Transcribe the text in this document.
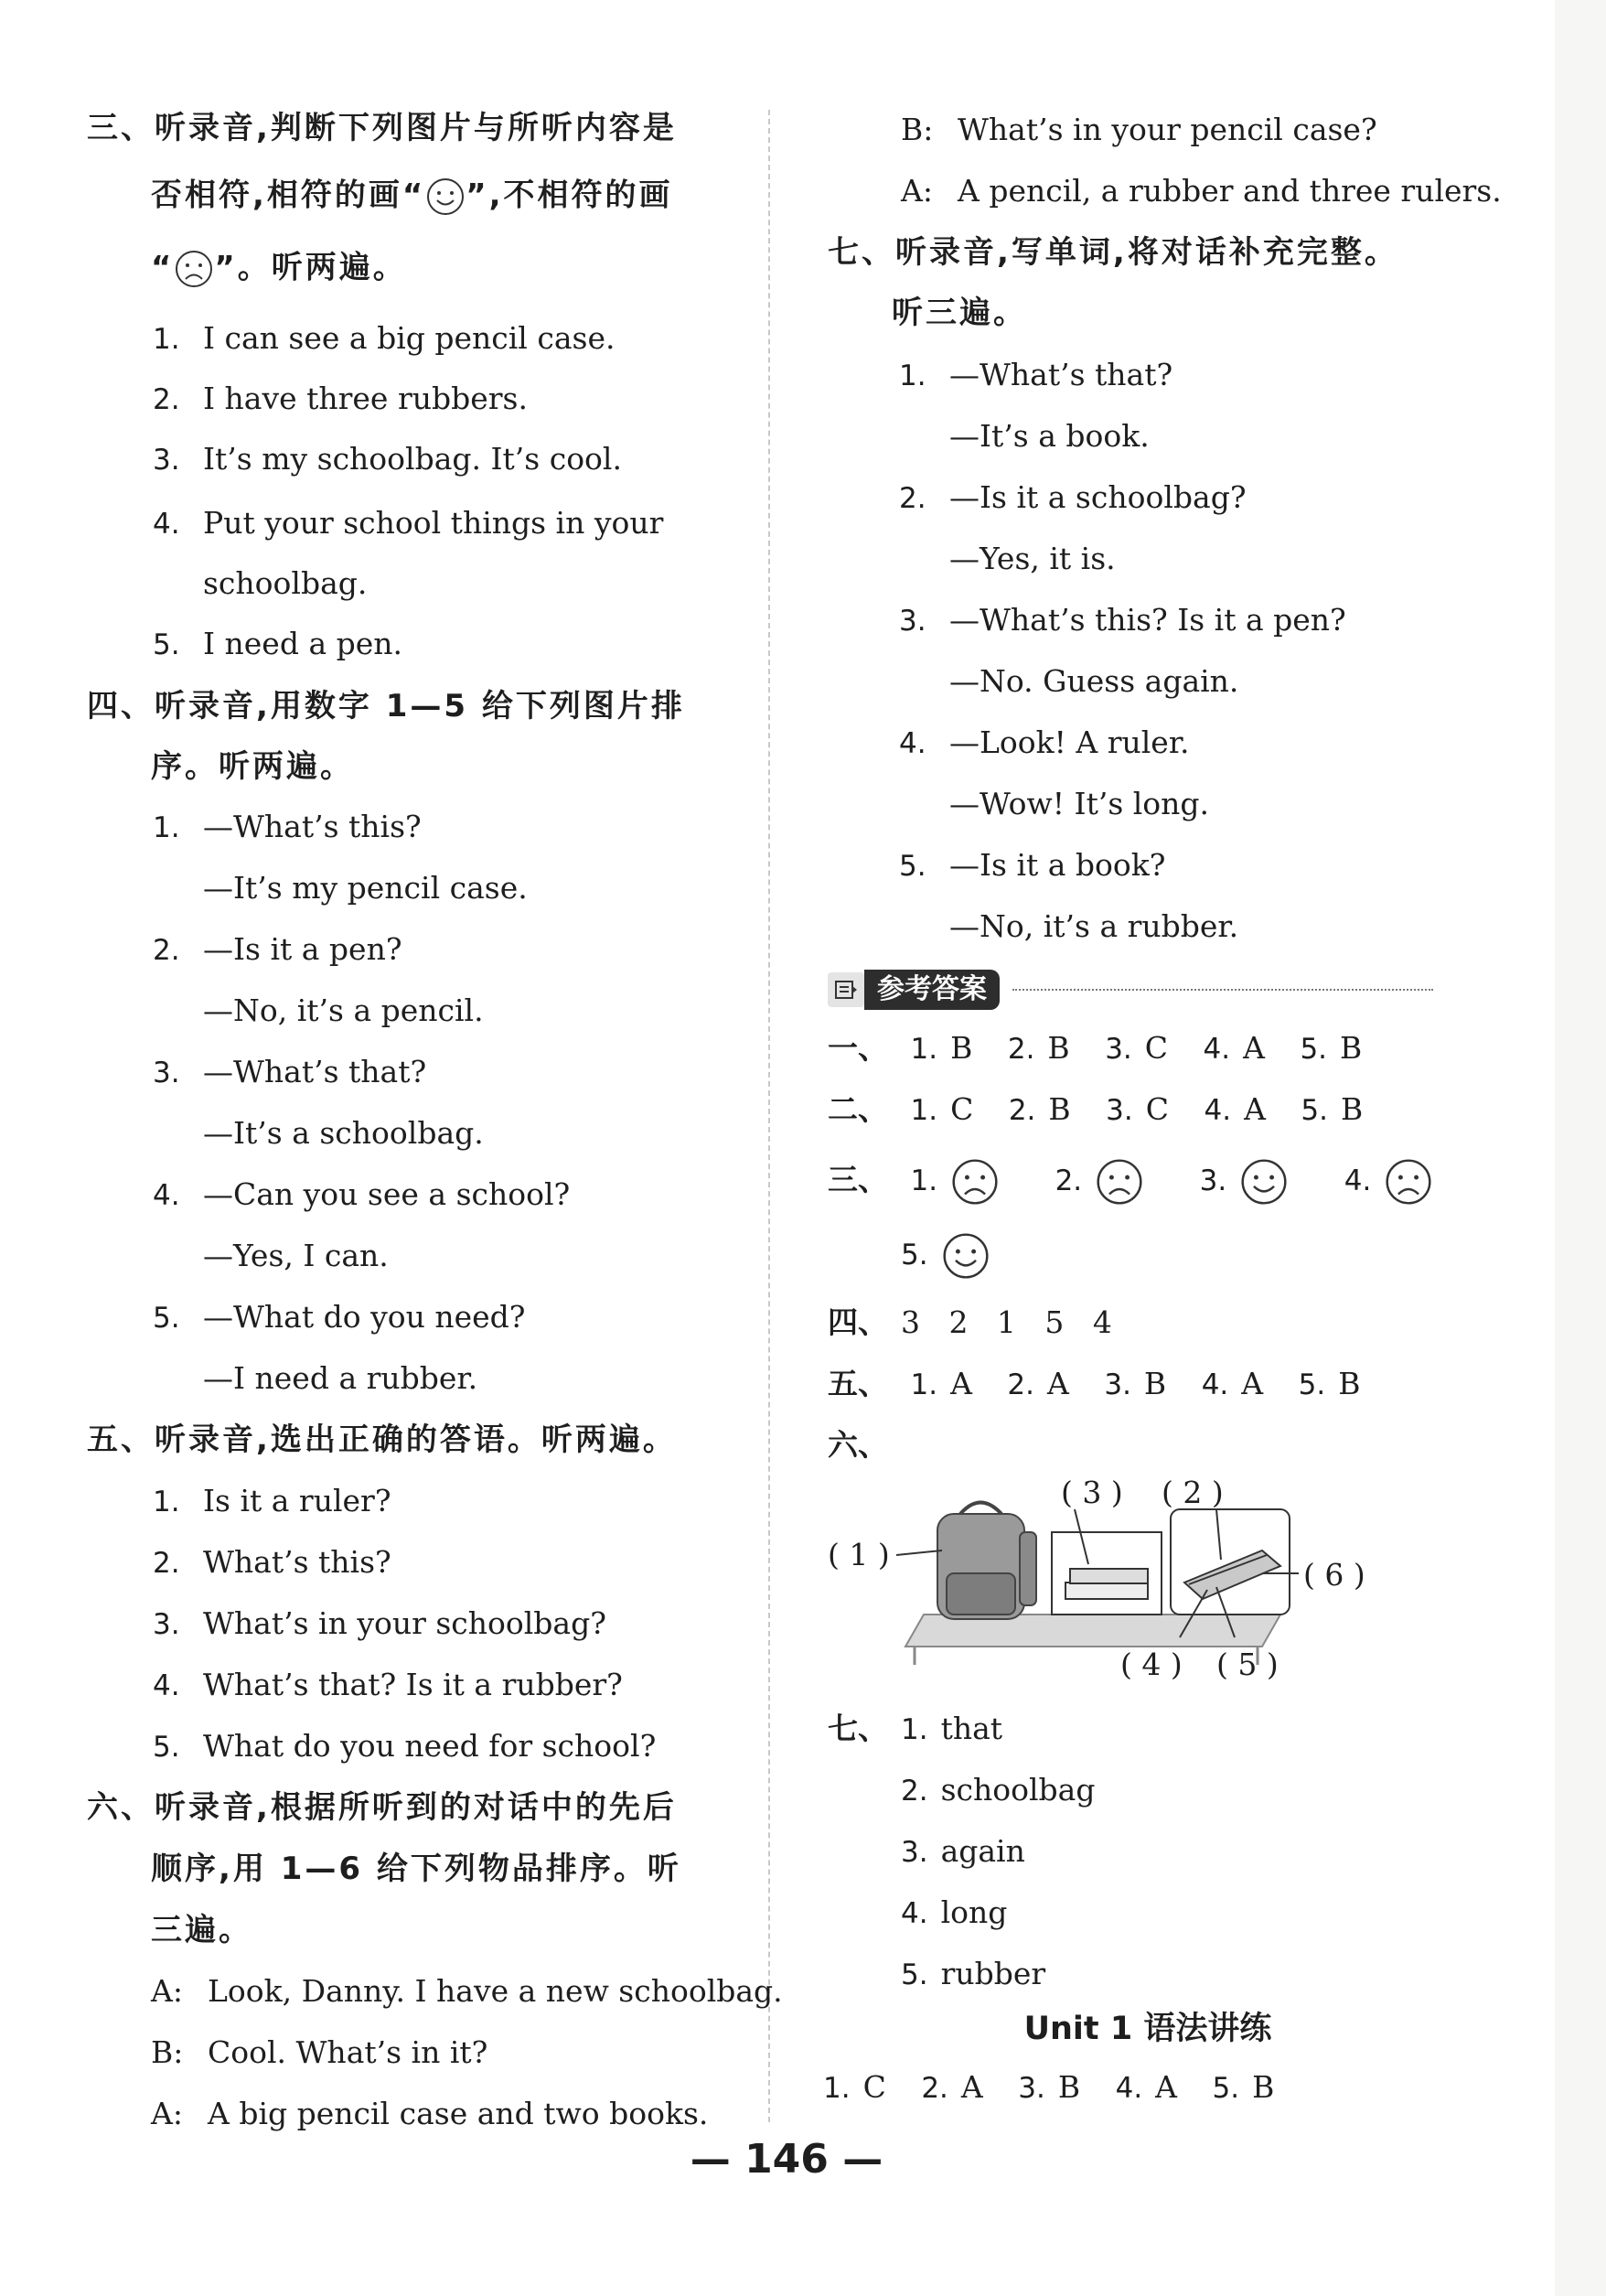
三、听录音,判断下列图片与所听内容是
否相符,相符的画“ ”,不相符的画
“ ”。听两遍。
1. I can see a big pencil case.
2. I have three rubbers.
3. It’s my schoolbag. It’s cool.
4. Put your school things in your
schoolbag.
5. I need a pen.
四、听录音,用数字 1—5 给下列图片排
序。听两遍。
1. —What’s this?
—It’s my pencil case.
2. —Is it a pen?
—No, it’s a pencil.
3. —What’s that?
—It’s a schoolbag.
4. —Can you see a school?
—Yes, I can.
5. —What do you need?
—I need a rubber.
五、听录音,选出正确的答语。听两遍。
1. Is it a ruler?
2. What’s this?
3. What’s in your schoolbag?
4. What’s that? Is it a rubber?
5. What do you need for school?
六、听录音,根据所听到的对话中的先后
顺序,用 1—6 给下列物品排序。听
三遍。
A: Look, Danny. I have a new schoolbag.
B: Cool. What’s in it?
A: A big pencil case and two books.
B: What’s in your pencil case?
A: A pencil, a rubber and three rulers.
七、听录音,写单词,将对话补充完整。
听三遍。
1. —What’s that?
—It’s a book.
2. —Is it a schoolbag?
—Yes, it is.
3. —What’s this? Is it a pen?
—No. Guess again.
4. —Look! A ruler.
—Wow! It’s long.
5. —Is it a book?
—No, it’s a rubber.
参考答案
一、 1. B 2. B 3. C 4. A 5. B
二、 1. C 2. B 3. C 4. A 5. B
三、 1.	2.	3.	4.
5.
四、 3   2   1   5   4
五、 1. A 2. A 3. B 4. A 5. B
六、
( 1 )
( 3 ) ( 2 )
( 6 )
( 4 ) ( 5 )
七、 1. that
2. schoolbag
3. again
4. long
5. rubber
Unit 1 语法讲练
1. C 2. A 3. B 4. A 5. B
— 146 —
